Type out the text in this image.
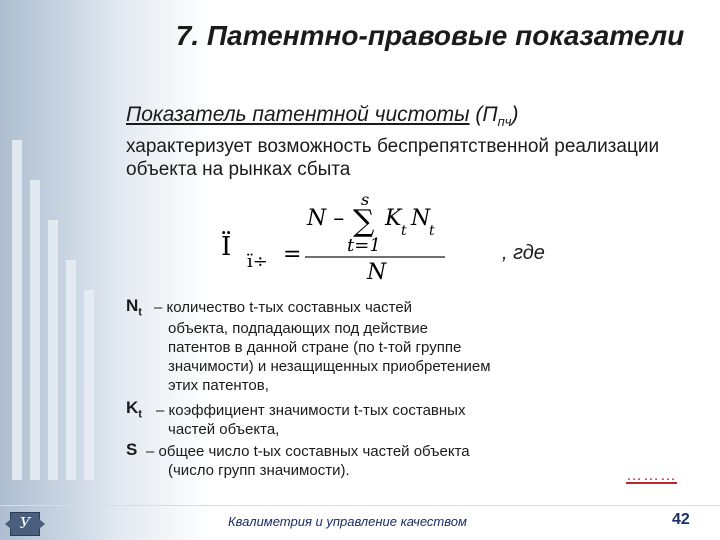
7. Патентно-правовые показатели
Показатель патентной чистоты $(П_{пч})$
характеризует возможность беспрепятственной реализации объекта на рынках сбыта
Ï ï÷ =
N –
s
∑
t=1
K t N
t
N
, где
$N_t$ – количество t-тых составных частей
объекта, подпадающих под действие
патентов в данной стране (по t-той группе
значимости) и незащищенных приобретением
этих патентов,
$K_t$ – коэффициент значимости t-тых составных
частей объекта,
S – общее число t-ых составных частей объекта
(число групп значимости).	………
У	Квалиметрия и управление качеством	42
